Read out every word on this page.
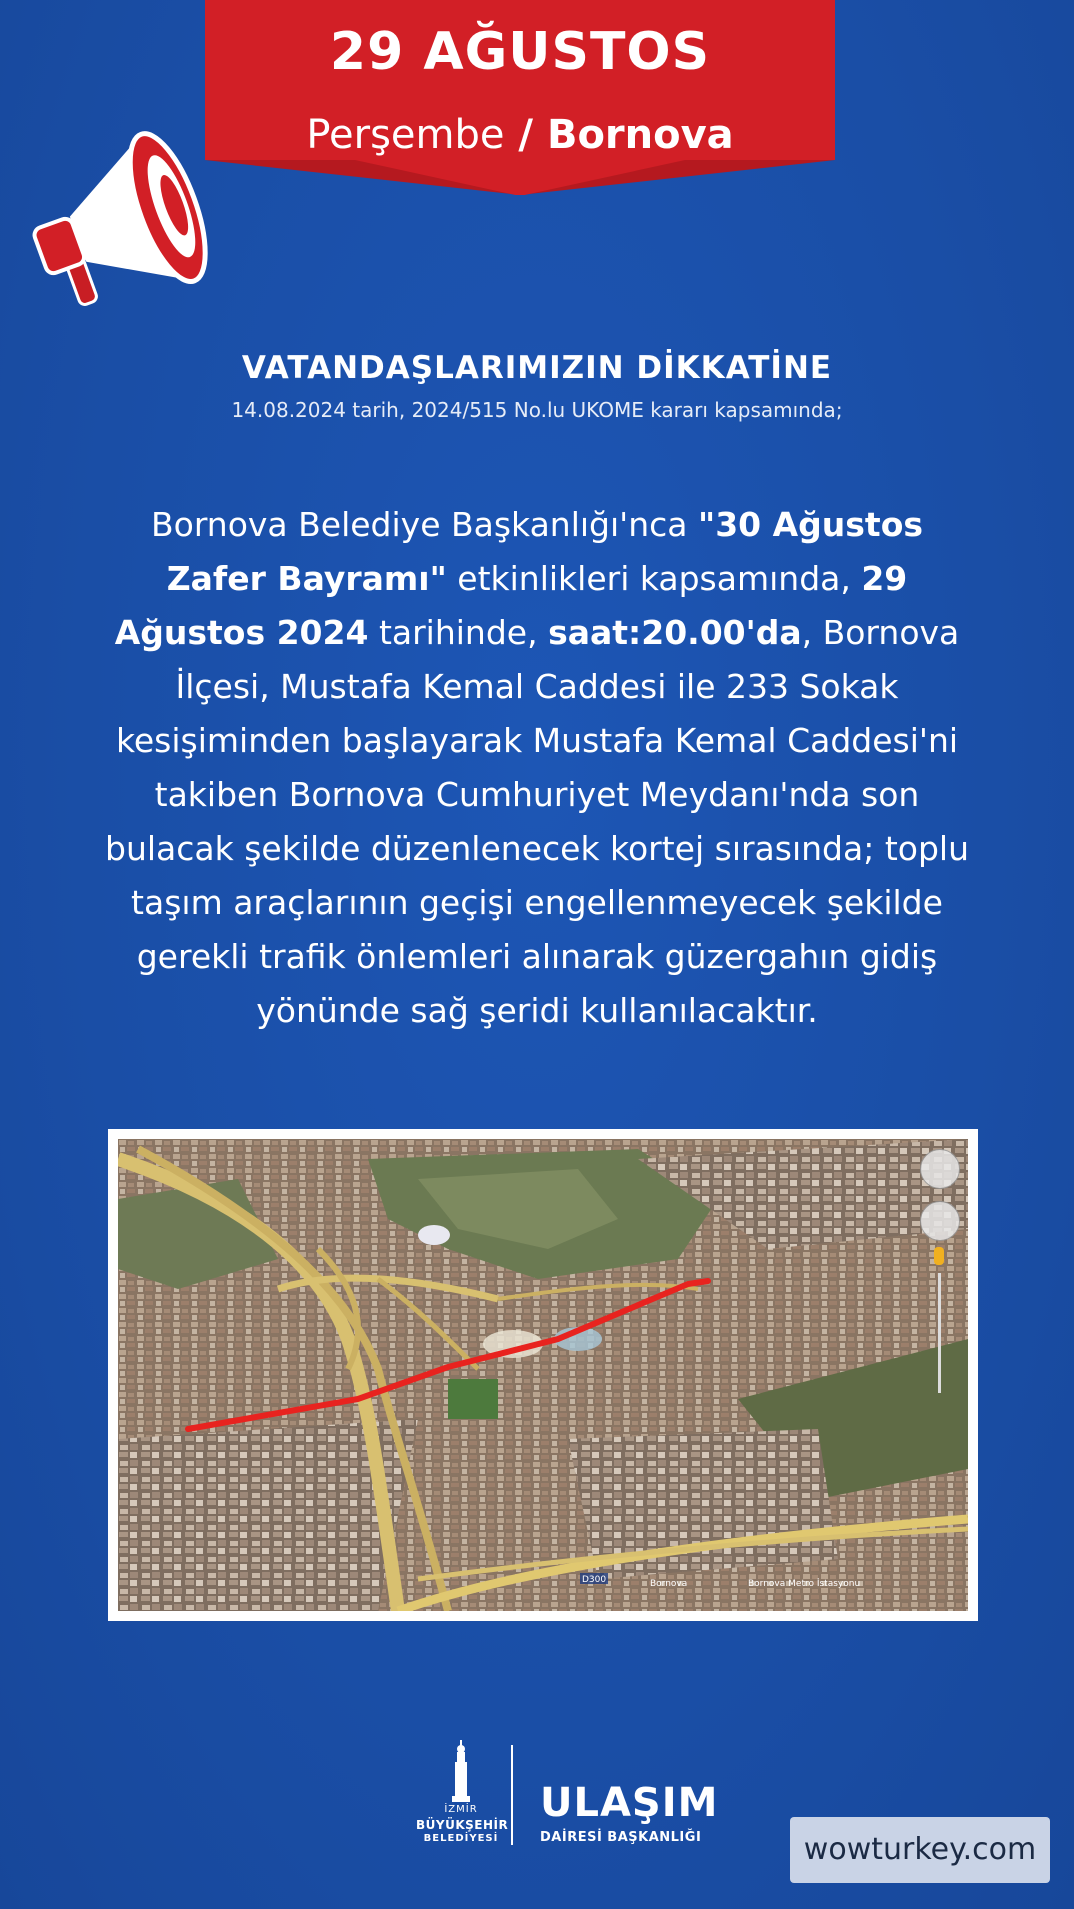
29 AĞUSTOS
Perşembe / Bornova
VATANDAŞLARIMIZIN DİKKATİNE
14.08.2024 tarih, 2024/515 No.lu UKOME kararı kapsamında;
Bornova Belediye Başkanlığı'nca "30 Ağustos Zafer Bayramı" etkinlikleri kapsamında, 29 Ağustos 2024 tarihinde, saat:20.00'da, Bornova İlçesi, Mustafa Kemal Caddesi ile 233 Sokak kesişiminden başlayarak Mustafa Kemal Caddesi'ni takiben Bornova Cumhuriyet Meydanı'nda son bulacak şekilde düzenlenecek kortej sırasında; toplu taşım araçlarının geçişi engellenmeyecek şekilde gerekli trafik önlemleri alınarak güzergahın gidiş yönünde sağ şeridi kullanılacaktır.
D300	Bornova Metro İstasyonu
Bornova
İZMİR
BÜYÜKŞEHİR
BELEDİYESİ
ULAŞIM
DAİRESİ BAŞKANLIĞI	wowturkey.com
